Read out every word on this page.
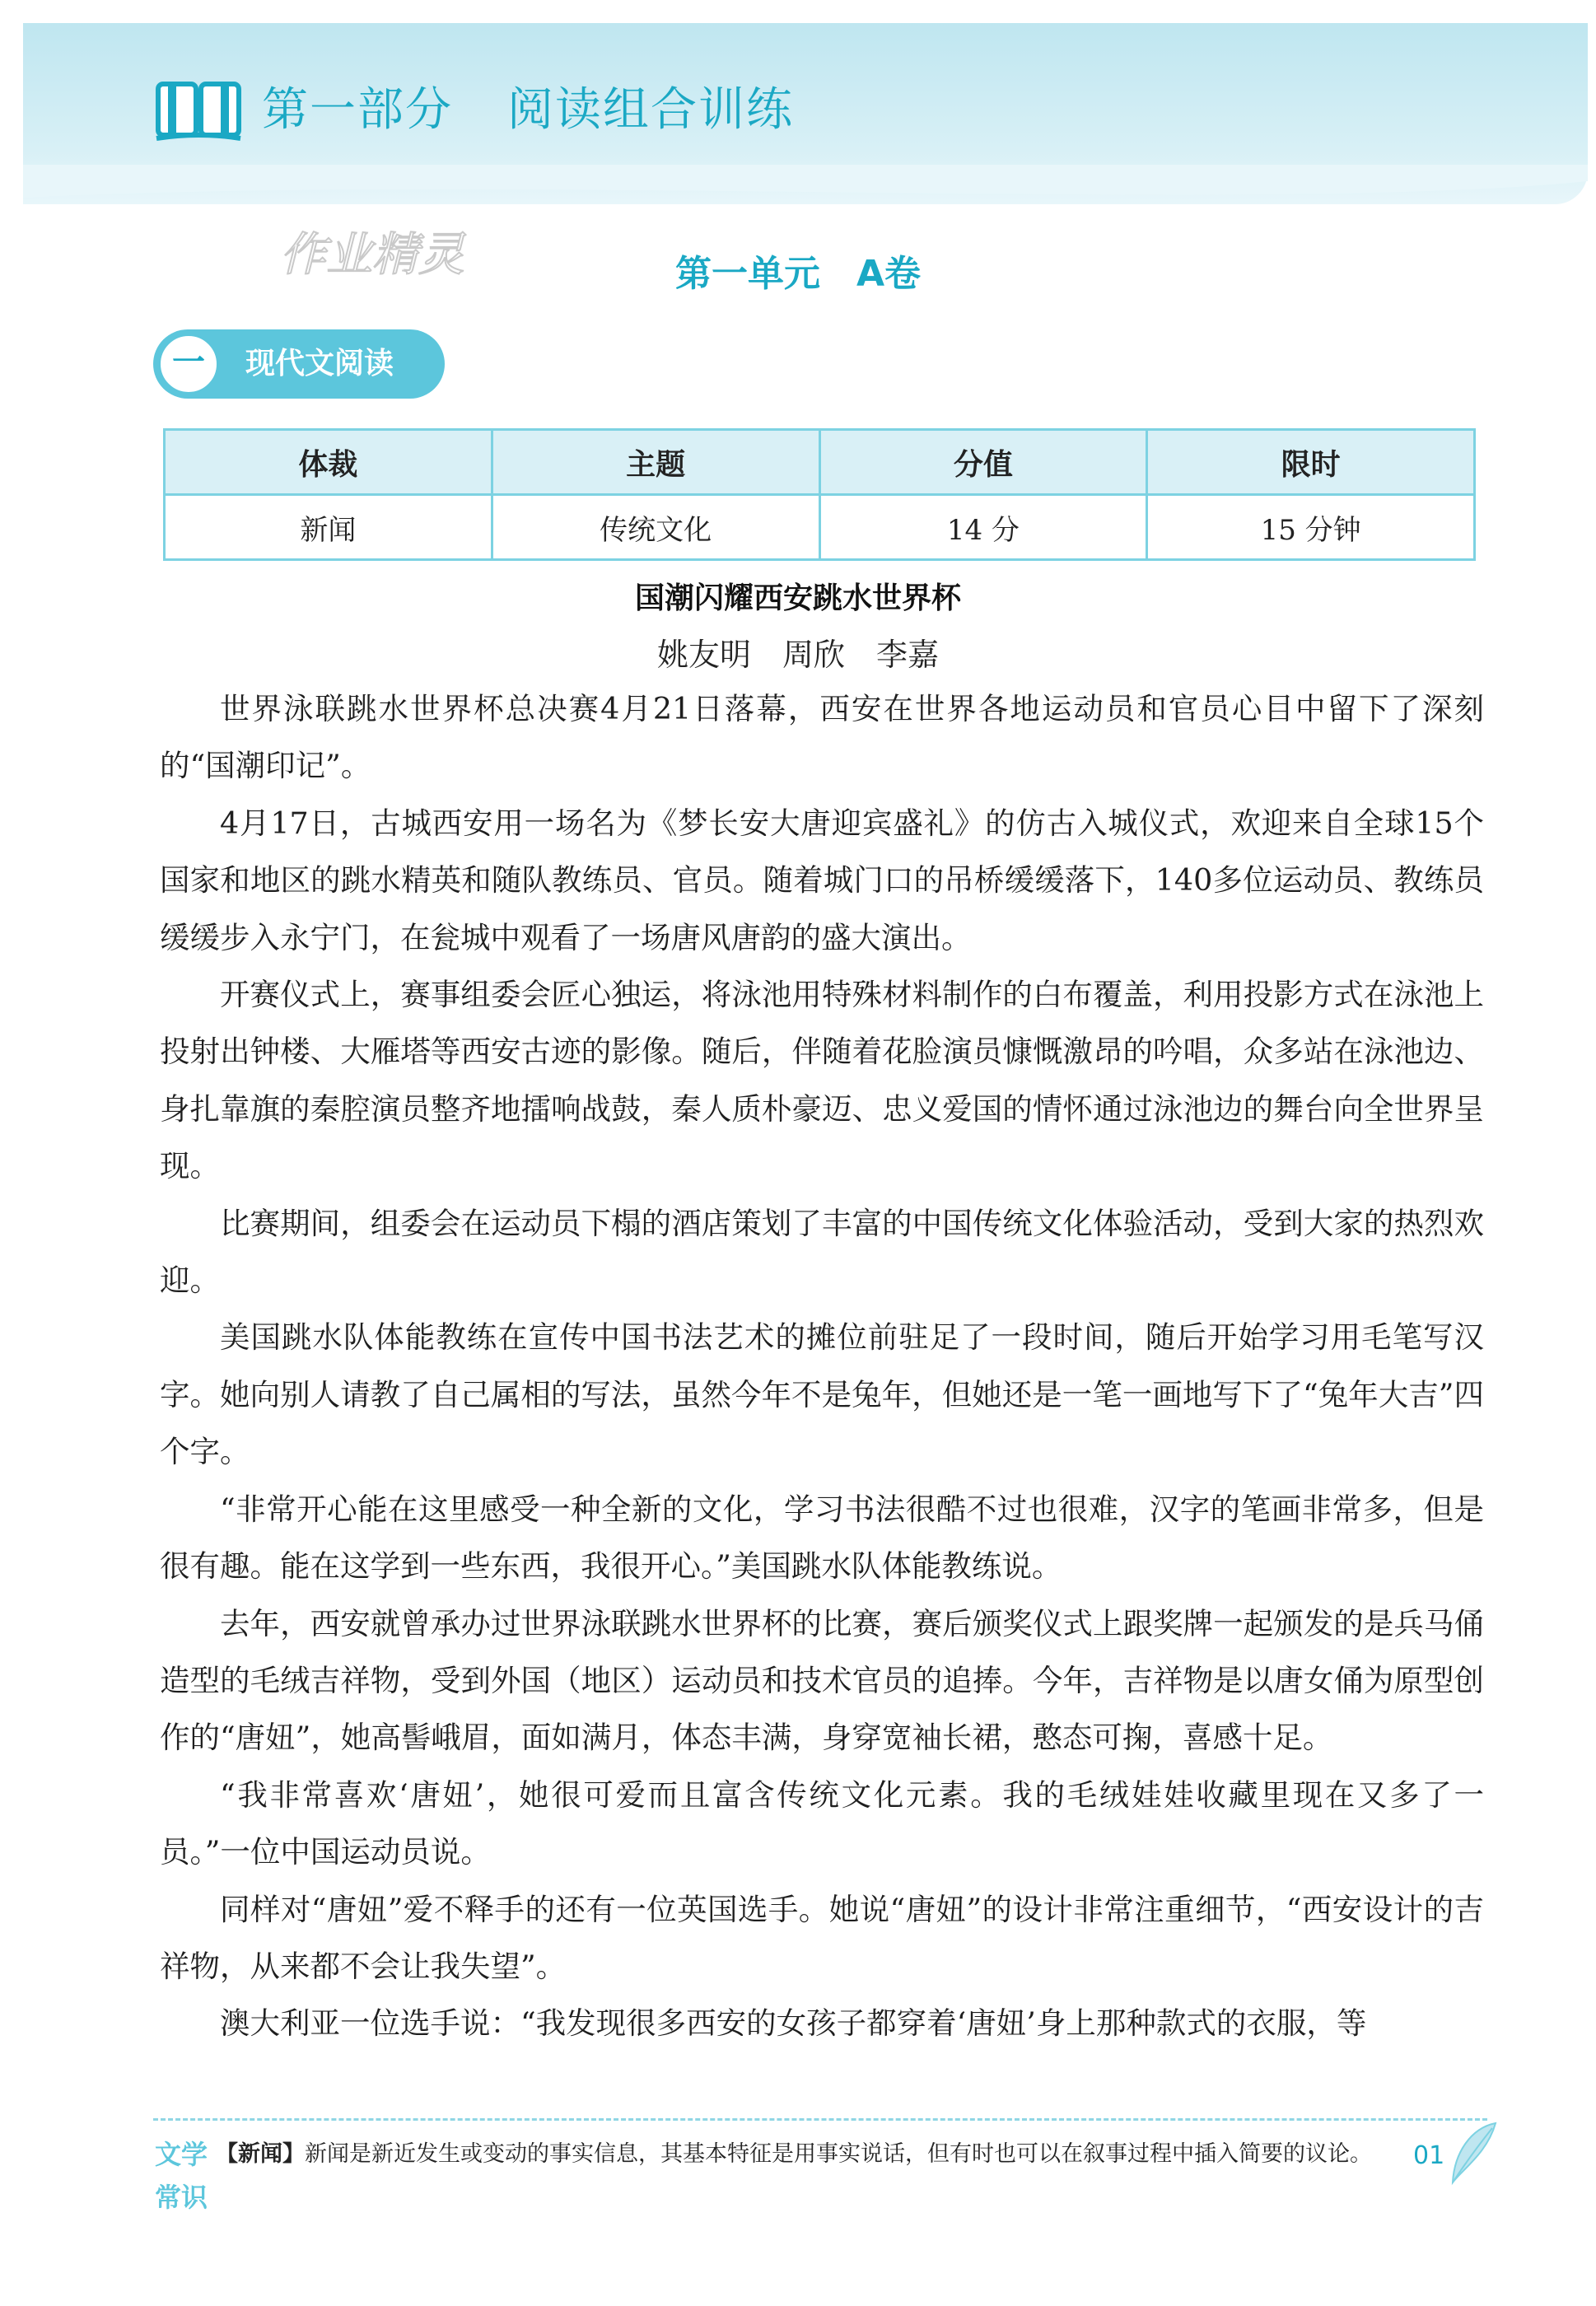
第一部分 阅读组合训练
作业精灵	第一单元　A卷
一	现代文阅读
体裁	主题	分值	限时
新闻	传统文化	14 分	15 分钟
国潮闪耀西安跳水世界杯
姚友明　周欣　李嘉

世界泳联跳水世界杯总决赛4月21日落幕，西安在世界各地运动员和官员心目中留下了深刻的“国潮印记”。

4月17日，古城西安用一场名为《梦长安大唐迎宾盛礼》的仿古入城仪式，欢迎来自全球15个国家和地区的跳水精英和随队教练员、官员。随着城门口的吊桥缓缓落下，140多位运动员、教练员缓缓步入永宁门，在瓮城中观看了一场唐风唐韵的盛大演出。

开赛仪式上，赛事组委会匠心独运，将泳池用特殊材料制作的白布覆盖，利用投影方式在泳池上投射出钟楼、大雁塔等西安古迹的影像。随后，伴随着花脸演员慷慨激昂的吟唱，众多站在泳池边、身扎靠旗的秦腔演员整齐地擂响战鼓，秦人质朴豪迈、忠义爱国的情怀通过泳池边的舞台向全世界呈现。

比赛期间，组委会在运动员下榻的酒店策划了丰富的中国传统文化体验活动，受到大家的热烈欢迎。

美国跳水队体能教练在宣传中国书法艺术的摊位前驻足了一段时间，随后开始学习用毛笔写汉字。她向别人请教了自己属相的写法，虽然今年不是兔年，但她还是一笔一画地写下了“兔年大吉”四个字。

“非常开心能在这里感受一种全新的文化，学习书法很酷不过也很难，汉字的笔画非常多，但是很有趣。能在这学到一些东西，我很开心。”美国跳水队体能教练说。

去年，西安就曾承办过世界泳联跳水世界杯的比赛，赛后颁奖仪式上跟奖牌一起颁发的是兵马俑造型的毛绒吉祥物，受到外国（地区）运动员和技术官员的追捧。今年，吉祥物是以唐女俑为原型创作的“唐妞”，她高髻峨眉，面如满月，体态丰满，身穿宽袖长裙，憨态可掬，喜感十足。

“我非常喜欢‘唐妞’，她很可爱而且富含传统文化元素。我的毛绒娃娃收藏里现在又多了一员。”一位中国运动员说。

同样对“唐妞”爱不释手的还有一位英国选手。她说“唐妞”的设计非常注重细节，“西安设计的吉祥物，从来都不会让我失望”。

澳大利亚一位选手说：“我发现很多西安的女孩子都穿着‘唐妞’身上那种款式的衣服，等

文学常识
【新闻】新闻是新近发生或变动的事实信息，其基本特征是用事实说话，但有时也可以在叙事过程中插入简要的议论。	01
